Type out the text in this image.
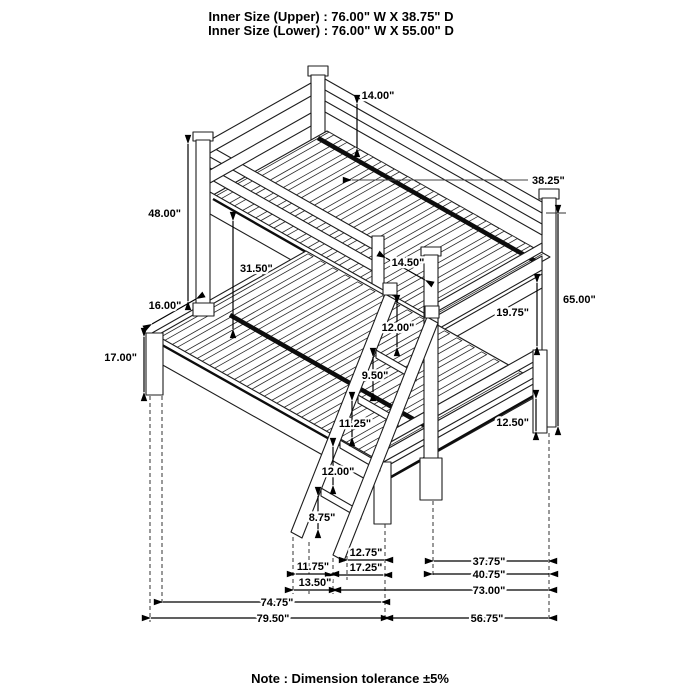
Inner Size (Upper) : 76.00" W X 38.75" D
Inner Size (Lower) : 76.00" W X 55.00" D
14.00"
38.25"
48.00"
31.50"	14.50"
16.00"
17.00"
65.00"
19.75"
12.00"
9.50"
11.25"
12.00"
8.75"
12.50"
12.75"
37.75"
11.75" 17.25"
40.75"
13.50"
73.00"
74.75"
79.50"	56.75"
Note : Dimension tolerance ±5%
